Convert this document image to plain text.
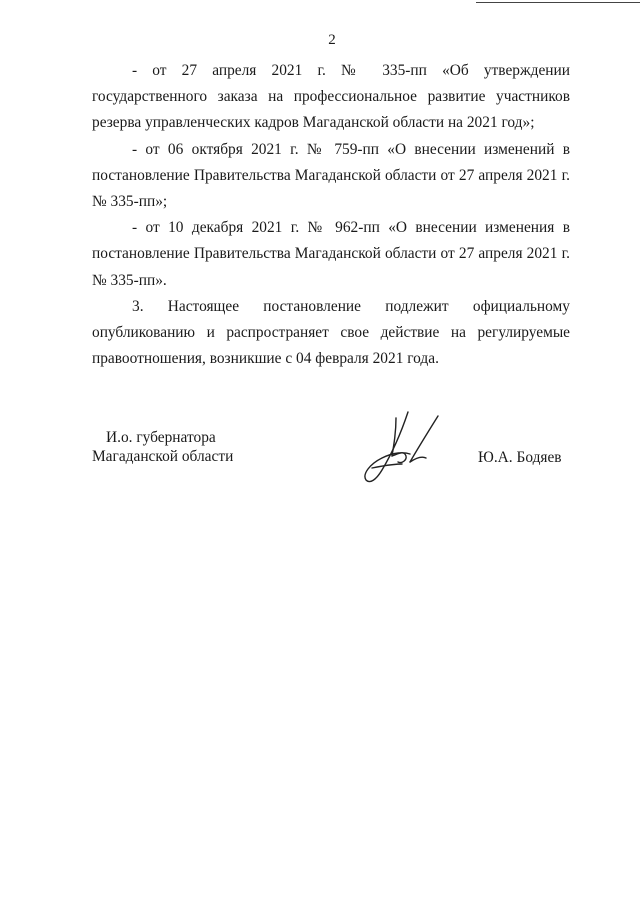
2

- от 27 апреля 2021 г. № 335-пп «Об утверждении государственного заказа на профессиональное развитие участников резерва управленческих кадров Магаданской области на 2021 год»;

- от 06 октября 2021 г. № 759-пп «О внесении изменений в постановление Правительства Магаданской области от 27 апреля 2021 г. № 335-пп»;

- от 10 декабря 2021 г. № 962-пп «О внесении изменения в постановление Правительства Магаданской области от 27 апреля 2021 г. № 335-пп».

3. Настоящее постановление подлежит официальному опубликованию и распространяет свое действие на регулируемые правоотношения, возникшие с 04 февраля 2021 года.

И.о. губернатора
Магаданской области	Ю.А. Бодяев
